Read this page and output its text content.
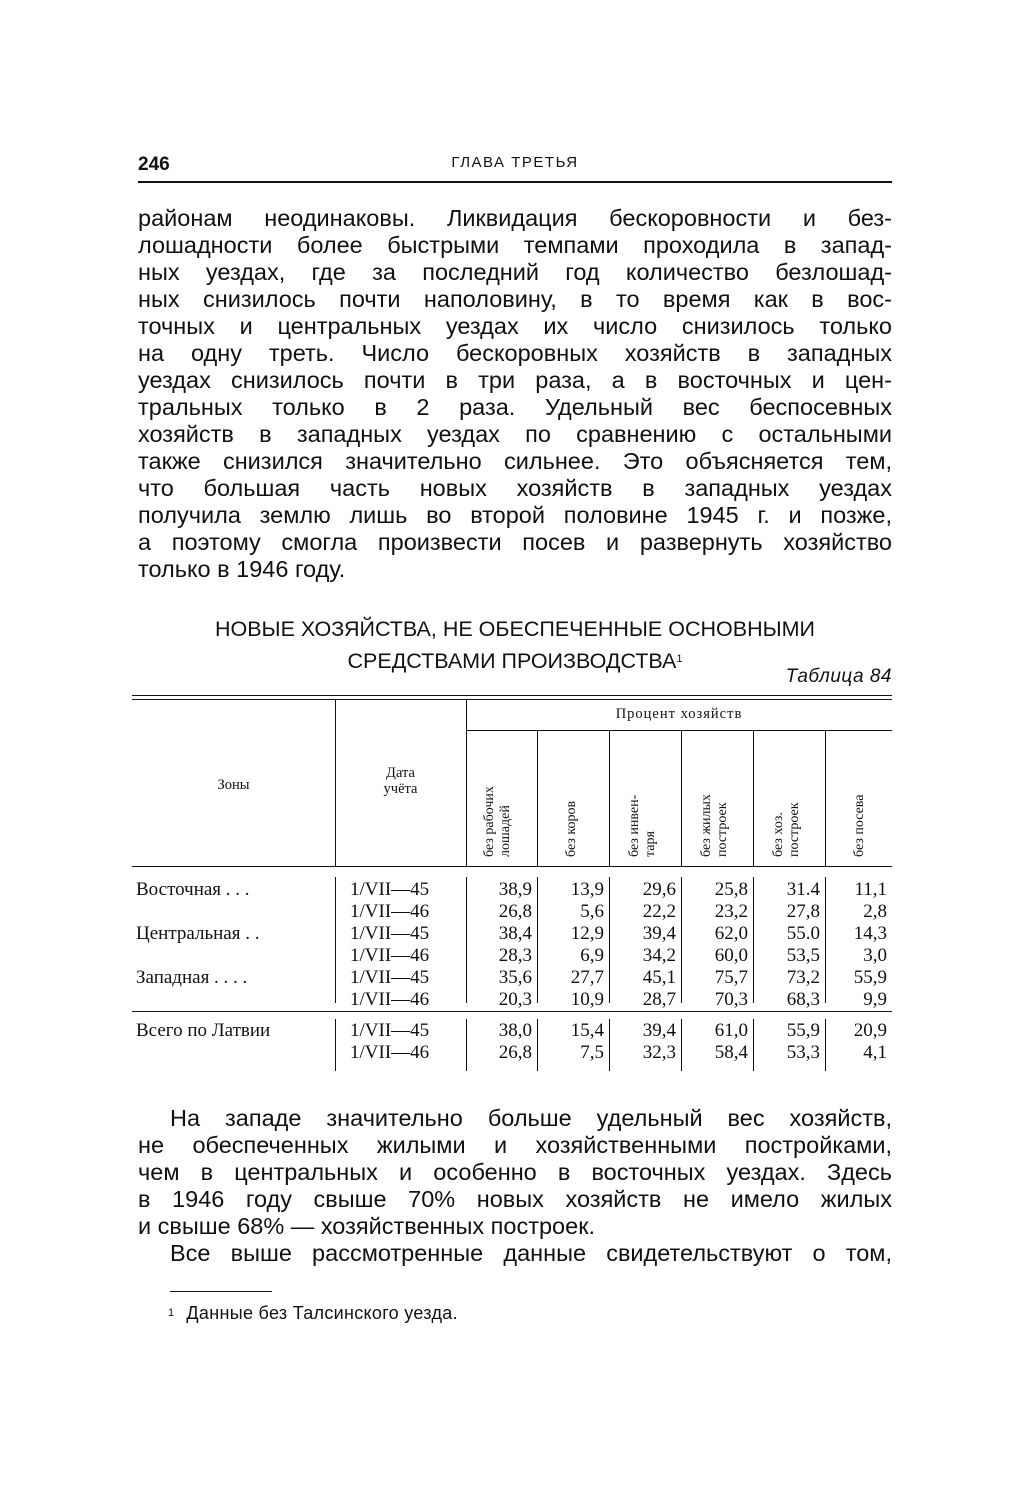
246	ГЛАВА ТРЕТЬЯ
районам неодинаковы. Ликвидация бескоровности и без-
лошадности более быстрыми темпами проходила в запад-
ных уездах, где за последний год количество безлошад-
ных снизилось почти наполовину, в то время как в вос-
точных и центральных уездах их число снизилось только
на одну треть. Число бескоровных хозяйств в западных
уездах снизилось почти в три раза, а в восточных и цен-
тральных только в 2 раза. Удельный вес беспосевных
хозяйств в западных уездах по сравнению с остальными
также снизился значительно сильнее. Это объясняется тем,
что большая часть новых хозяйств в западных уездах
получила землю лишь во второй половине 1945 г. и позже,
а поэтому смогла произвести посев и развернуть хозяйство
только в 1946 году.
НОВЫЕ ХОЗЯЙСТВА, НЕ ОБЕСПЕЧЕННЫЕ ОСНОВНЫМИ
СРЕДСТВАМИ ПРОИЗВОДСТВА$^1$
Таблица 84
Зоны
Дата
учёта
Процент хозяйств
без рабочих лошадей	без коров	без инвен- таря	без жилых построек	без хоз. построек	без посева
Восточная . . .	1/VII—45	38,9	13,9	29,6	25,8	31.4	11,1
1/VII—46	26,8	5,6	22,2	23,2	27,8	2,8
Центральная . .	1/VII—45	38,4	12,9	39,4	62,0	55.0	14,3
1/VII—46	28,3	6,9	34,2	60,0	53,5	3,0
Западная . . . .	1/VII—45	35,6	27,7	45,1	75,7	73,2	55,9
1/VII—46	20,3	10,9	28,7	70,3	68,3	9,9
Всего по Латвии	1/VII—45	38,0	15,4	39,4	61,0	55,9	20,9
1/VII—46	26,8	7,5	32,3	58,4	53,3	4,1
На западе значительно больше удельный вес хозяйств,
не обеспеченных жилыми и хозяйственными постройками,
чем в центральных и особенно в восточных уездах. Здесь
в 1946 году свыше 70% новых хозяйств не имело жилых
и свыше 68% — хозяйственных построек.
Все выше рассмотренные данные свидетельствуют о том,
$^1$ Данные без Талсинского уезда.
